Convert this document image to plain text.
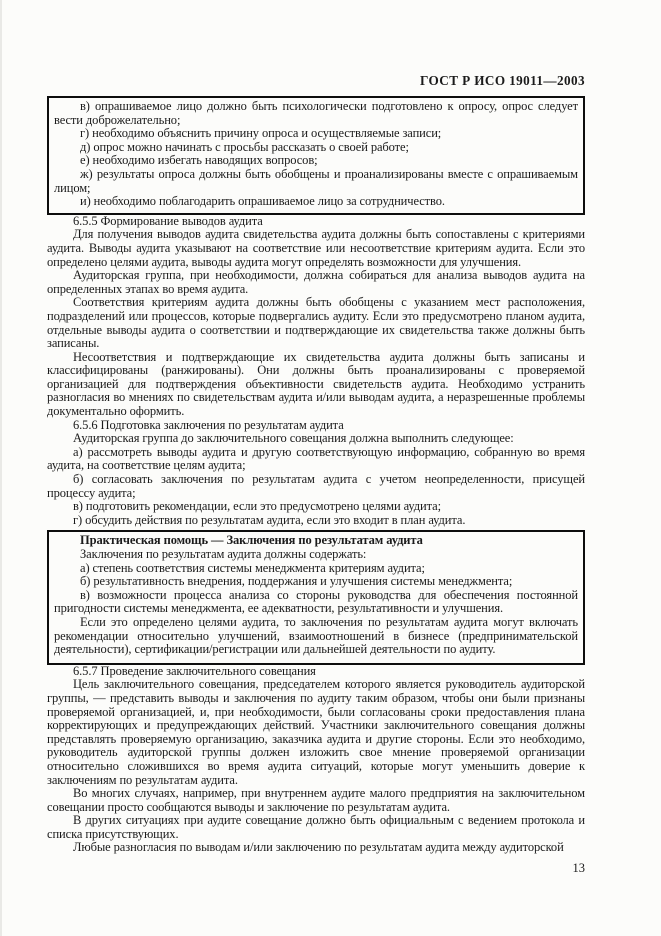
ГОСТ Р ИСО 19011—2003

в) опрашиваемое лицо должно быть психологически подготовлено к опросу, опрос следует вести доброжелательно;

г) необходимо объяснить причину опроса и осуществляемые записи;

д) опрос можно начинать с просьбы рассказать о своей работе;

е) необходимо избегать наводящих вопросов;

ж) результаты опроса должны быть обобщены и проанализированы вместе с опрашиваемым лицом;

и) необходимо поблагодарить опрашиваемое лицо за сотрудничество.

6.5.5 Формирование выводов аудита

Для получения выводов аудита свидетельства аудита должны быть сопоставлены с критериями аудита. Выводы аудита указывают на соответствие или несоответствие критериям аудита. Если это определено целями аудита, выводы аудита могут определять возможности для улучшения.

Аудиторская группа, при необходимости, должна собираться для анализа выводов аудита на определенных этапах во время аудита.

Соответствия критериям аудита должны быть обобщены с указанием мест расположения, подразделений или процессов, которые подвергались аудиту. Если это предусмотрено планом аудита, отдельные выводы аудита о соответствии и подтверждающие их свидетельства также должны быть записаны.

Несоответствия и подтверждающие их свидетельства аудита должны быть записаны и классифицированы (ранжированы). Они должны быть проанализированы с проверяемой организацией для подтверждения объективности свидетельств аудита. Необходимо устранить разногласия во мнениях по свидетельствам аудита и/или выводам аудита, а неразрешенные проблемы документально оформить.

6.5.6 Подготовка заключения по результатам аудита

Аудиторская группа до заключительного совещания должна выполнить следующее:

а) рассмотреть выводы аудита и другую соответствующую информацию, собранную во время аудита, на соответствие целям аудита;

б) согласовать заключения по результатам аудита с учетом неопределенности, присущей процессу аудита;

в) подготовить рекомендации, если это предусмотрено целями аудита;

г) обсудить действия по результатам аудита, если это входит в план аудита.

Практическая помощь — Заключения по результатам аудита

Заключения по результатам аудита должны содержать:

а) степень соответствия системы менеджмента критериям аудита;

б) результативность внедрения, поддержания и улучшения системы менеджмента;

в) возможности процесса анализа со стороны руководства для обеспечения постоянной пригодности системы менеджмента, ее адекватности, результативности и улучшения.

Если это определено целями аудита, то заключения по результатам аудита могут включать рекомендации относительно улучшений, взаимоотношений в бизнесе (предпринимательской деятельности), сертификации/регистрации или дальнейшей деятельности по аудиту.

6.5.7 Проведение заключительного совещания

Цель заключительного совещания, председателем которого является руководитель аудиторской группы, — представить выводы и заключения по аудиту таким образом, чтобы они были признаны проверяемой организацией, и, при необходимости, были согласованы сроки предоставления плана корректирующих и предупреждающих действий. Участники заключительного совещания должны представлять проверяемую организацию, заказчика аудита и другие стороны. Если это необходимо, руководитель аудиторской группы должен изложить свое мнение проверяемой организации относительно сложившихся во время аудита ситуаций, которые могут уменьшить доверие к заключениям по результатам аудита.

Во многих случаях, например, при внутреннем аудите малого предприятия на заключительном совещании просто сообщаются выводы и заключение по результатам аудита.

В других ситуациях при аудите совещание должно быть официальным с ведением протокола и списка присутствующих.

Любые разногласия по выводам и/или заключению по результатам аудита между аудиторской

13
